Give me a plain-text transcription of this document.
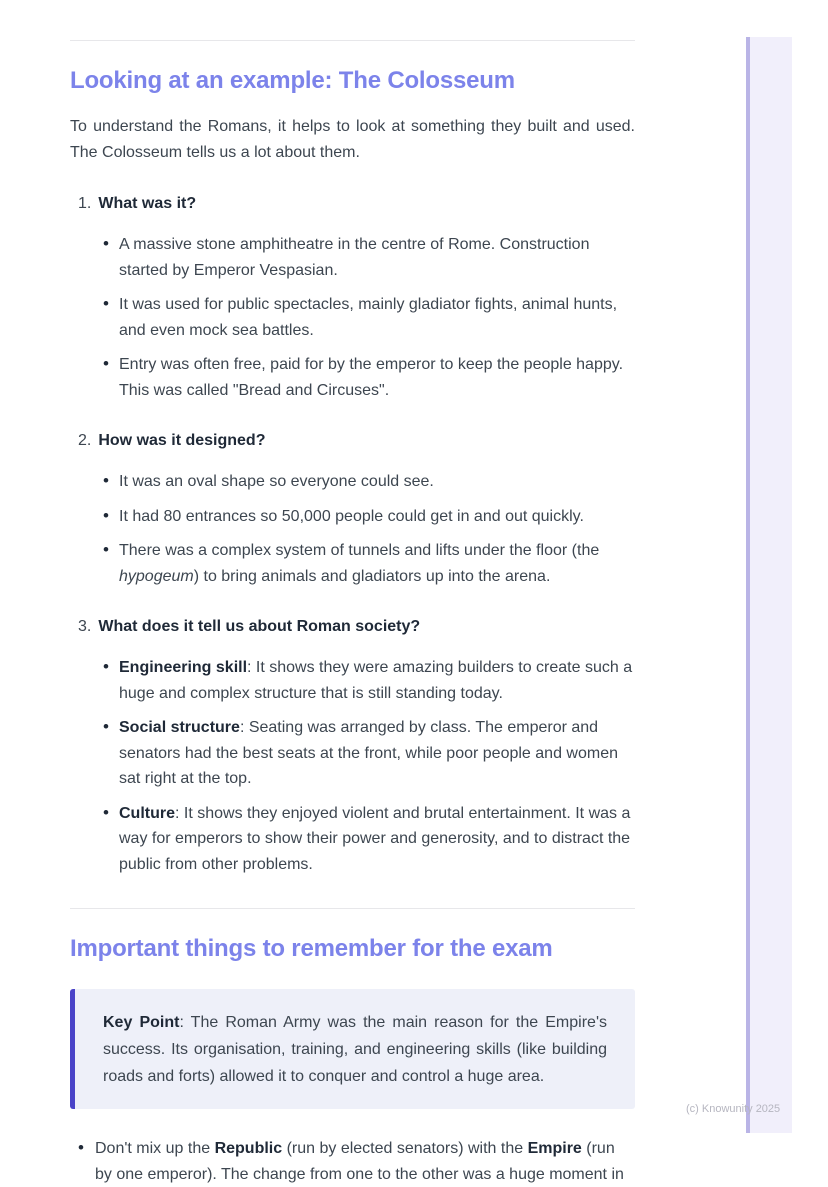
Looking at an example: The Colosseum

To understand the Romans, it helps to look at something they built and used. The Colosseum tells us a lot about them.

1. What was it?
• A massive stone amphitheatre in the centre of Rome. Construction started by Emperor Vespasian.
• It was used for public spectacles, mainly gladiator fights, animal hunts, and even mock sea battles.
• Entry was often free, paid for by the emperor to keep the people happy. This was called "Bread and Circuses".
2. How was it designed?
• It was an oval shape so everyone could see.
• It had 80 entrances so 50,000 people could get in and out quickly.
• There was a complex system of tunnels and lifts under the floor (the hypogeum) to bring animals and gladiators up into the arena.
3. What does it tell us about Roman society?
• Engineering skill: It shows they were amazing builders to create such a huge and complex structure that is still standing today.
• Social structure: Seating was arranged by class. The emperor and senators had the best seats at the front, while poor people and women sat right at the top.
• Culture: It shows they enjoyed violent and brutal entertainment. It was a way for emperors to show their power and generosity, and to distract the public from other problems.
Important things to remember for the exam
Key Point: The Roman Army was the main reason for the Empire's success. Its organisation, training, and engineering skills (like building roads and forts) allowed it to conquer and control a huge area.
• Don't mix up the Republic (run by elected senators) with the Empire (run by one emperor). The change from one to the other was a huge moment in
(c) Knowunity 2025
